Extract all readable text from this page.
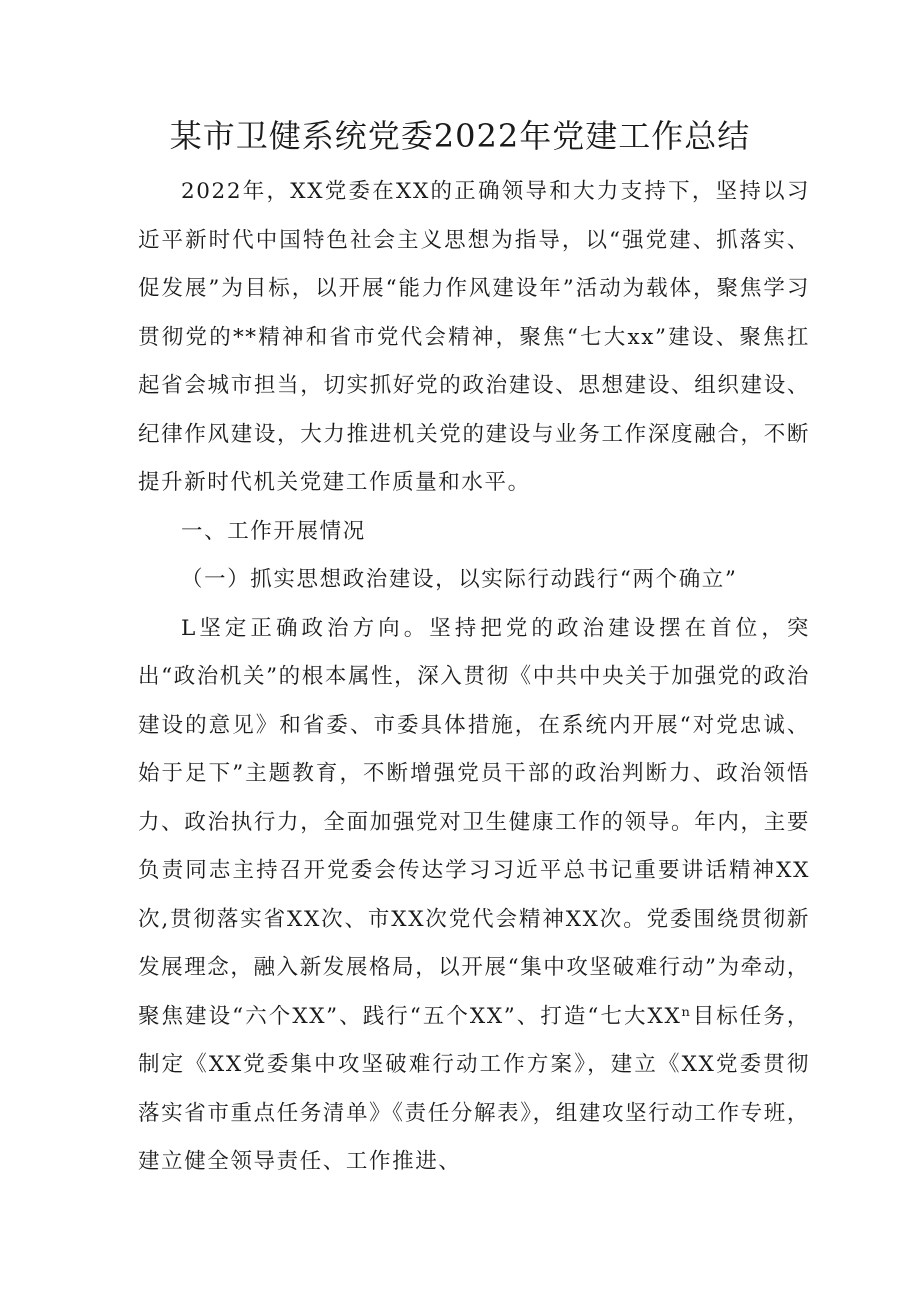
某市卫健系统党委2022年党建工作总结

2022年，XX党委在XX的正确领导和大力支持下，坚持以习近平新时代中国特色社会主义思想为指导，以“强党建、抓落实、促发展”为目标，以开展“能力作风建设年”活动为载体，聚焦学习贯彻党的**精神和省市党代会精神，聚焦“七大xx”建设、聚焦扛起省会城市担当，切实抓好党的政治建设、思想建设、组织建设、纪律作风建设，大力推进机关党的建设与业务工作深度融合，不断提升新时代机关党建工作质量和水平。

一、工作开展情况

（一）抓实思想政治建设，以实际行动践行“两个确立”

L坚定正确政治方向。坚持把党的政治建设摆在首位，突出“政治机关”的根本属性，深入贯彻《中共中央关于加强党的政治建设的意见》和省委、市委具体措施，在系统内开展“对党忠诚、始于足下”主题教育，不断增强党员干部的政治判断力、政治领悟力、政治执行力，全面加强党对卫生健康工作的领导。年内，主要负责同志主持召开党委会传达学习习近平总书记重要讲话精神XX次,贯彻落实省XX次、市XX次党代会精神XX次。党委围绕贯彻新发展理念，融入新发展格局，以开展“集中攻坚破难行动”为牵动，聚焦建设“六个XX”、践行“五个XX”、打造“七大XXⁿ目标任务，制定《XX党委集中攻坚破难行动工作方案》，建立《XX党委贯彻落实省市重点任务清单》《责任分解表》，组建攻坚行动工作专班，建立健全领导责任、工作推进、
